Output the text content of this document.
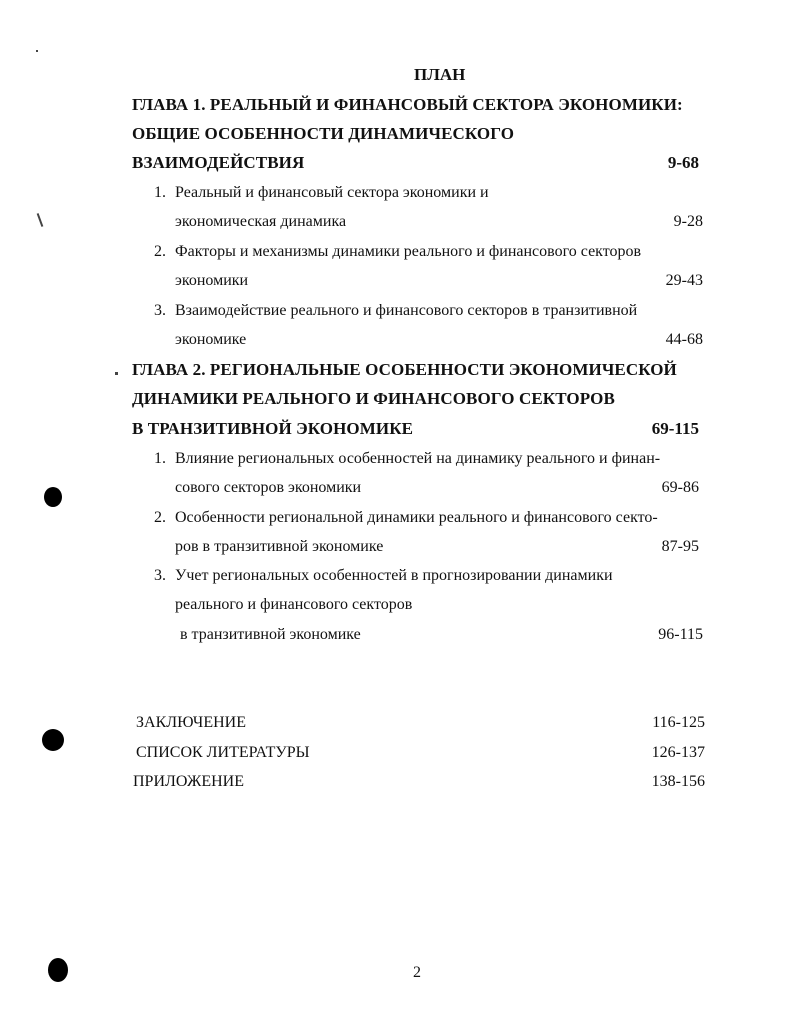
ПЛАН
ГЛАВА 1. РЕАЛЬНЫЙ И ФИНАНСОВЫЙ СЕКТОРА ЭКОНОМИКИ:
ОБЩИЕ ОСОБЕННОСТИ ДИНАМИЧЕСКОГО
ВЗАИМОДЕЙСТВИЯ	9-68
1. Реальный и финансовый сектора экономики и
экономическая динамика	9-28
2. Факторы и механизмы динамики реального и финансового секторов
экономики	29-43
3. Взаимодействие реального и финансового секторов в транзитивной
экономике	44-68
ГЛАВА 2. РЕГИОНАЛЬНЫЕ ОСОБЕННОСТИ ЭКОНОМИЧЕСКОЙ
ДИНАМИКИ РЕАЛЬНОГО И ФИНАНСОВОГО СЕКТОРОВ
В ТРАНЗИТИВНОЙ ЭКОНОМИКЕ	69-115
1. Влияние региональных особенностей на динамику реального и финан-
сового секторов экономики	69-86
2. Особенности региональной динамики реального и финансового секто-
ров в транзитивной экономике	87-95
3. Учет региональных особенностей в прогнозировании динамики
реального и финансового секторов
в транзитивной экономике	96-115
ЗАКЛЮЧЕНИЕ	116-125
СПИСОК ЛИТЕРАТУРЫ	126-137
ПРИЛОЖЕНИЕ	138-156
2
